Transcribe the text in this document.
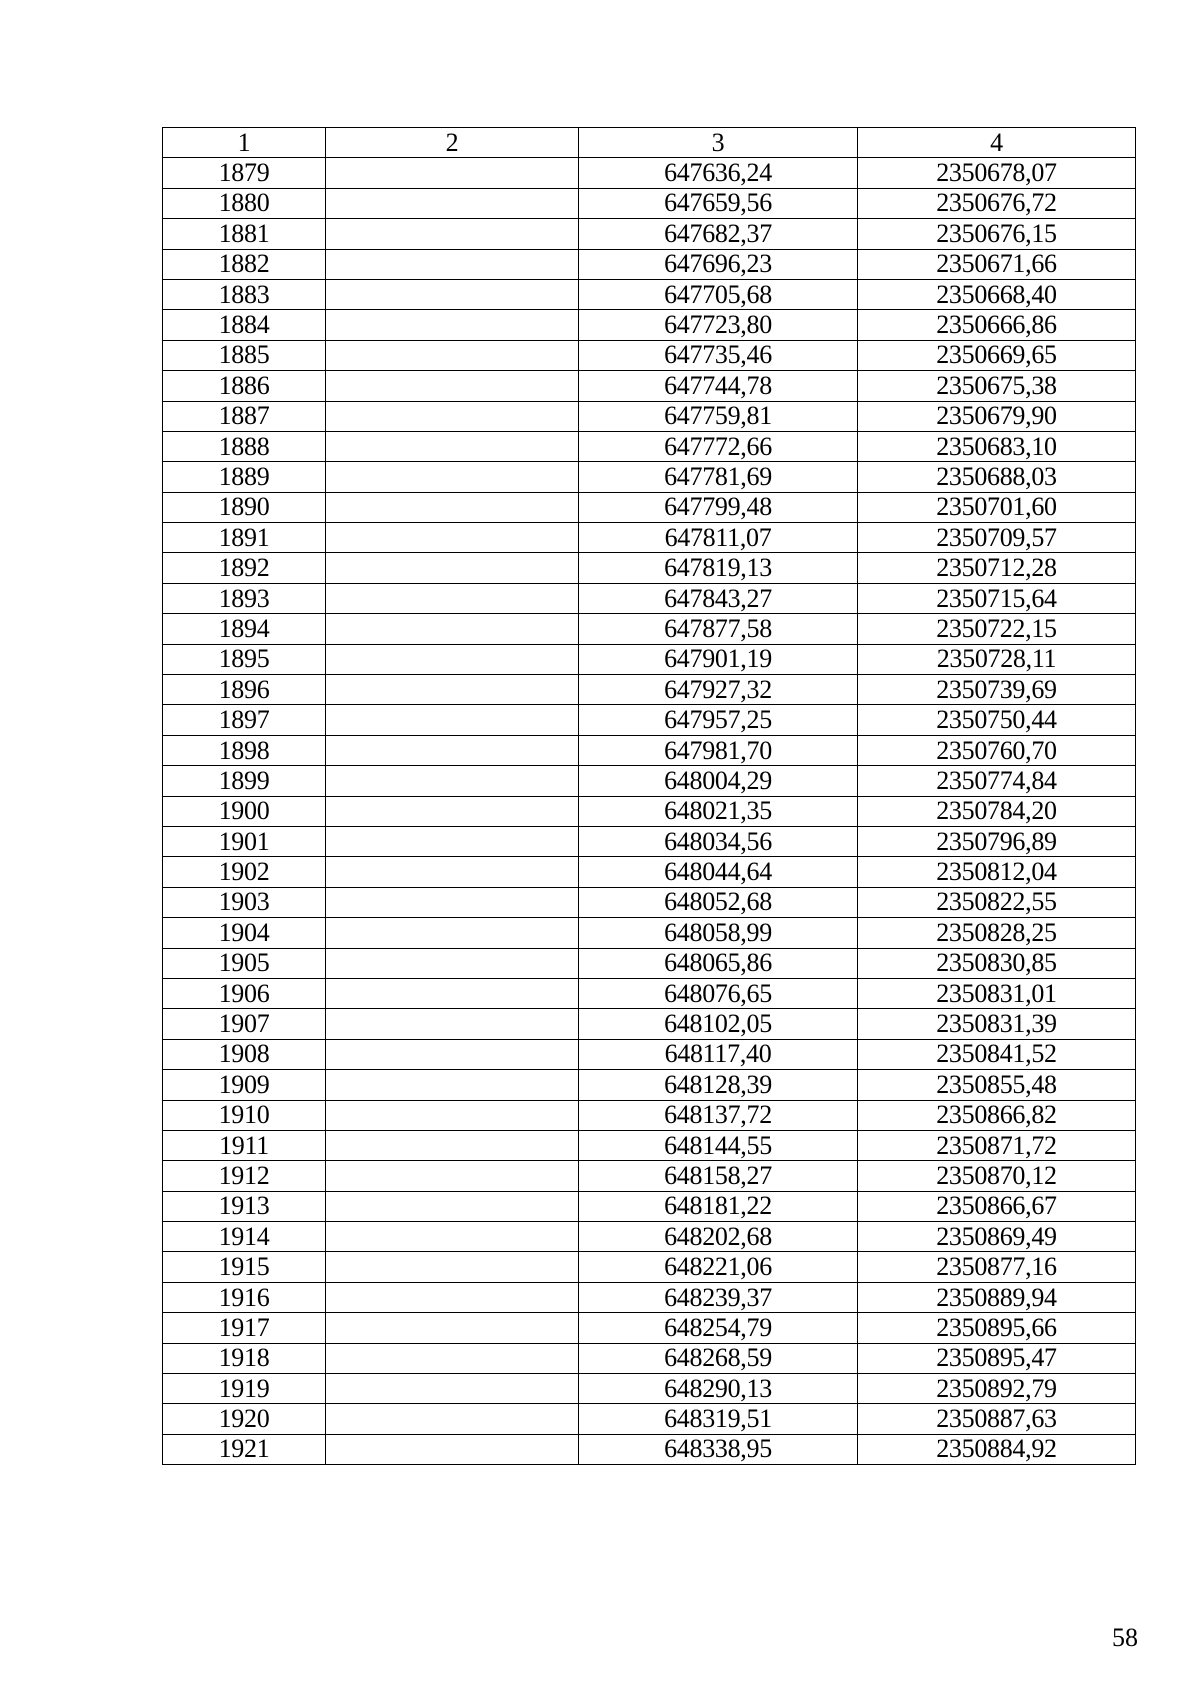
1	2	3	4
1879		647636,24	2350678,07
1880		647659,56	2350676,72
1881		647682,37	2350676,15
1882		647696,23	2350671,66
1883		647705,68	2350668,40
1884		647723,80	2350666,86
1885		647735,46	2350669,65
1886		647744,78	2350675,38
1887		647759,81	2350679,90
1888		647772,66	2350683,10
1889		647781,69	2350688,03
1890		647799,48	2350701,60
1891		647811,07	2350709,57
1892		647819,13	2350712,28
1893		647843,27	2350715,64
1894		647877,58	2350722,15
1895		647901,19	2350728,11
1896		647927,32	2350739,69
1897		647957,25	2350750,44
1898		647981,70	2350760,70
1899		648004,29	2350774,84
1900		648021,35	2350784,20
1901		648034,56	2350796,89
1902		648044,64	2350812,04
1903		648052,68	2350822,55
1904		648058,99	2350828,25
1905		648065,86	2350830,85
1906		648076,65	2350831,01
1907		648102,05	2350831,39
1908		648117,40	2350841,52
1909		648128,39	2350855,48
1910		648137,72	2350866,82
1911		648144,55	2350871,72
1912		648158,27	2350870,12
1913		648181,22	2350866,67
1914		648202,68	2350869,49
1915		648221,06	2350877,16
1916		648239,37	2350889,94
1917		648254,79	2350895,66
1918		648268,59	2350895,47
1919		648290,13	2350892,79
1920		648319,51	2350887,63
1921		648338,95	2350884,92
58
